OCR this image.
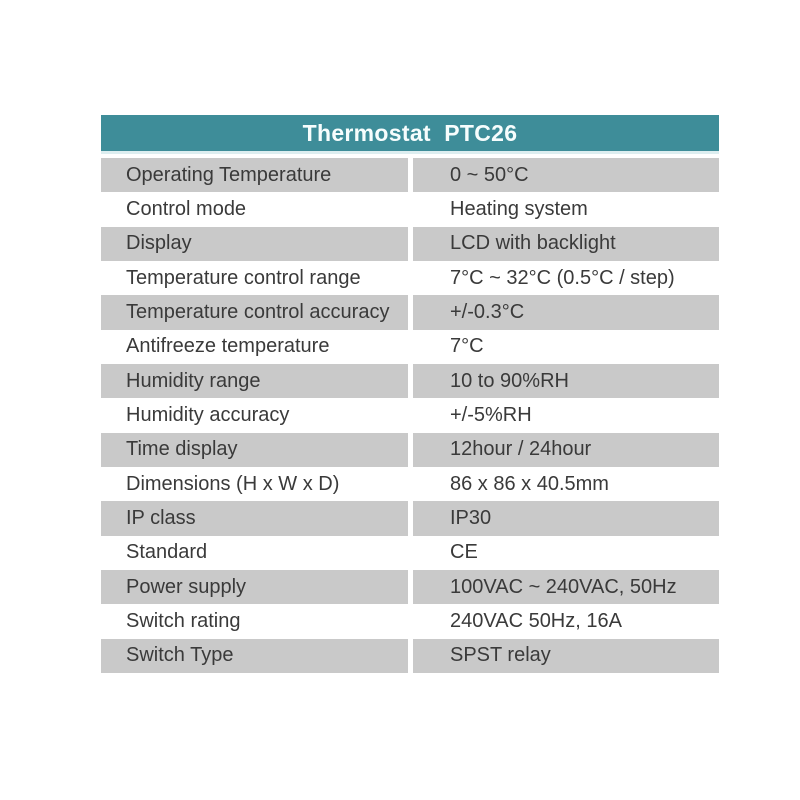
Thermostat  PTC26
Operating Temperature	0 ~ 50°C
Control mode	Heating system
Display	LCD with backlight
Temperature control range	7°C ~ 32°C (0.5°C / step)
Temperature control accuracy	+/-0.3°C
Antifreeze temperature	7°C
Humidity range	10 to 90%RH
Humidity accuracy	+/-5%RH
Time display	12hour / 24hour
Dimensions (H x W x D)	86 x 86 x 40.5mm
IP class	IP30
Standard	CE
Power supply	100VAC ~ 240VAC, 50Hz
Switch rating	240VAC 50Hz, 16A
Switch Type	SPST relay
